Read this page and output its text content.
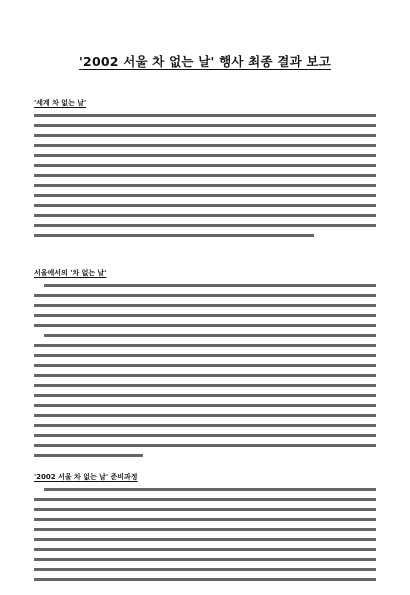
'2002 서울 차 없는 날' 행사 최종 결과 보고

'세계 차 없는 날'

서울에서의 '차 없는 날'

'2002 서울 차 없는 날' 준비과정
